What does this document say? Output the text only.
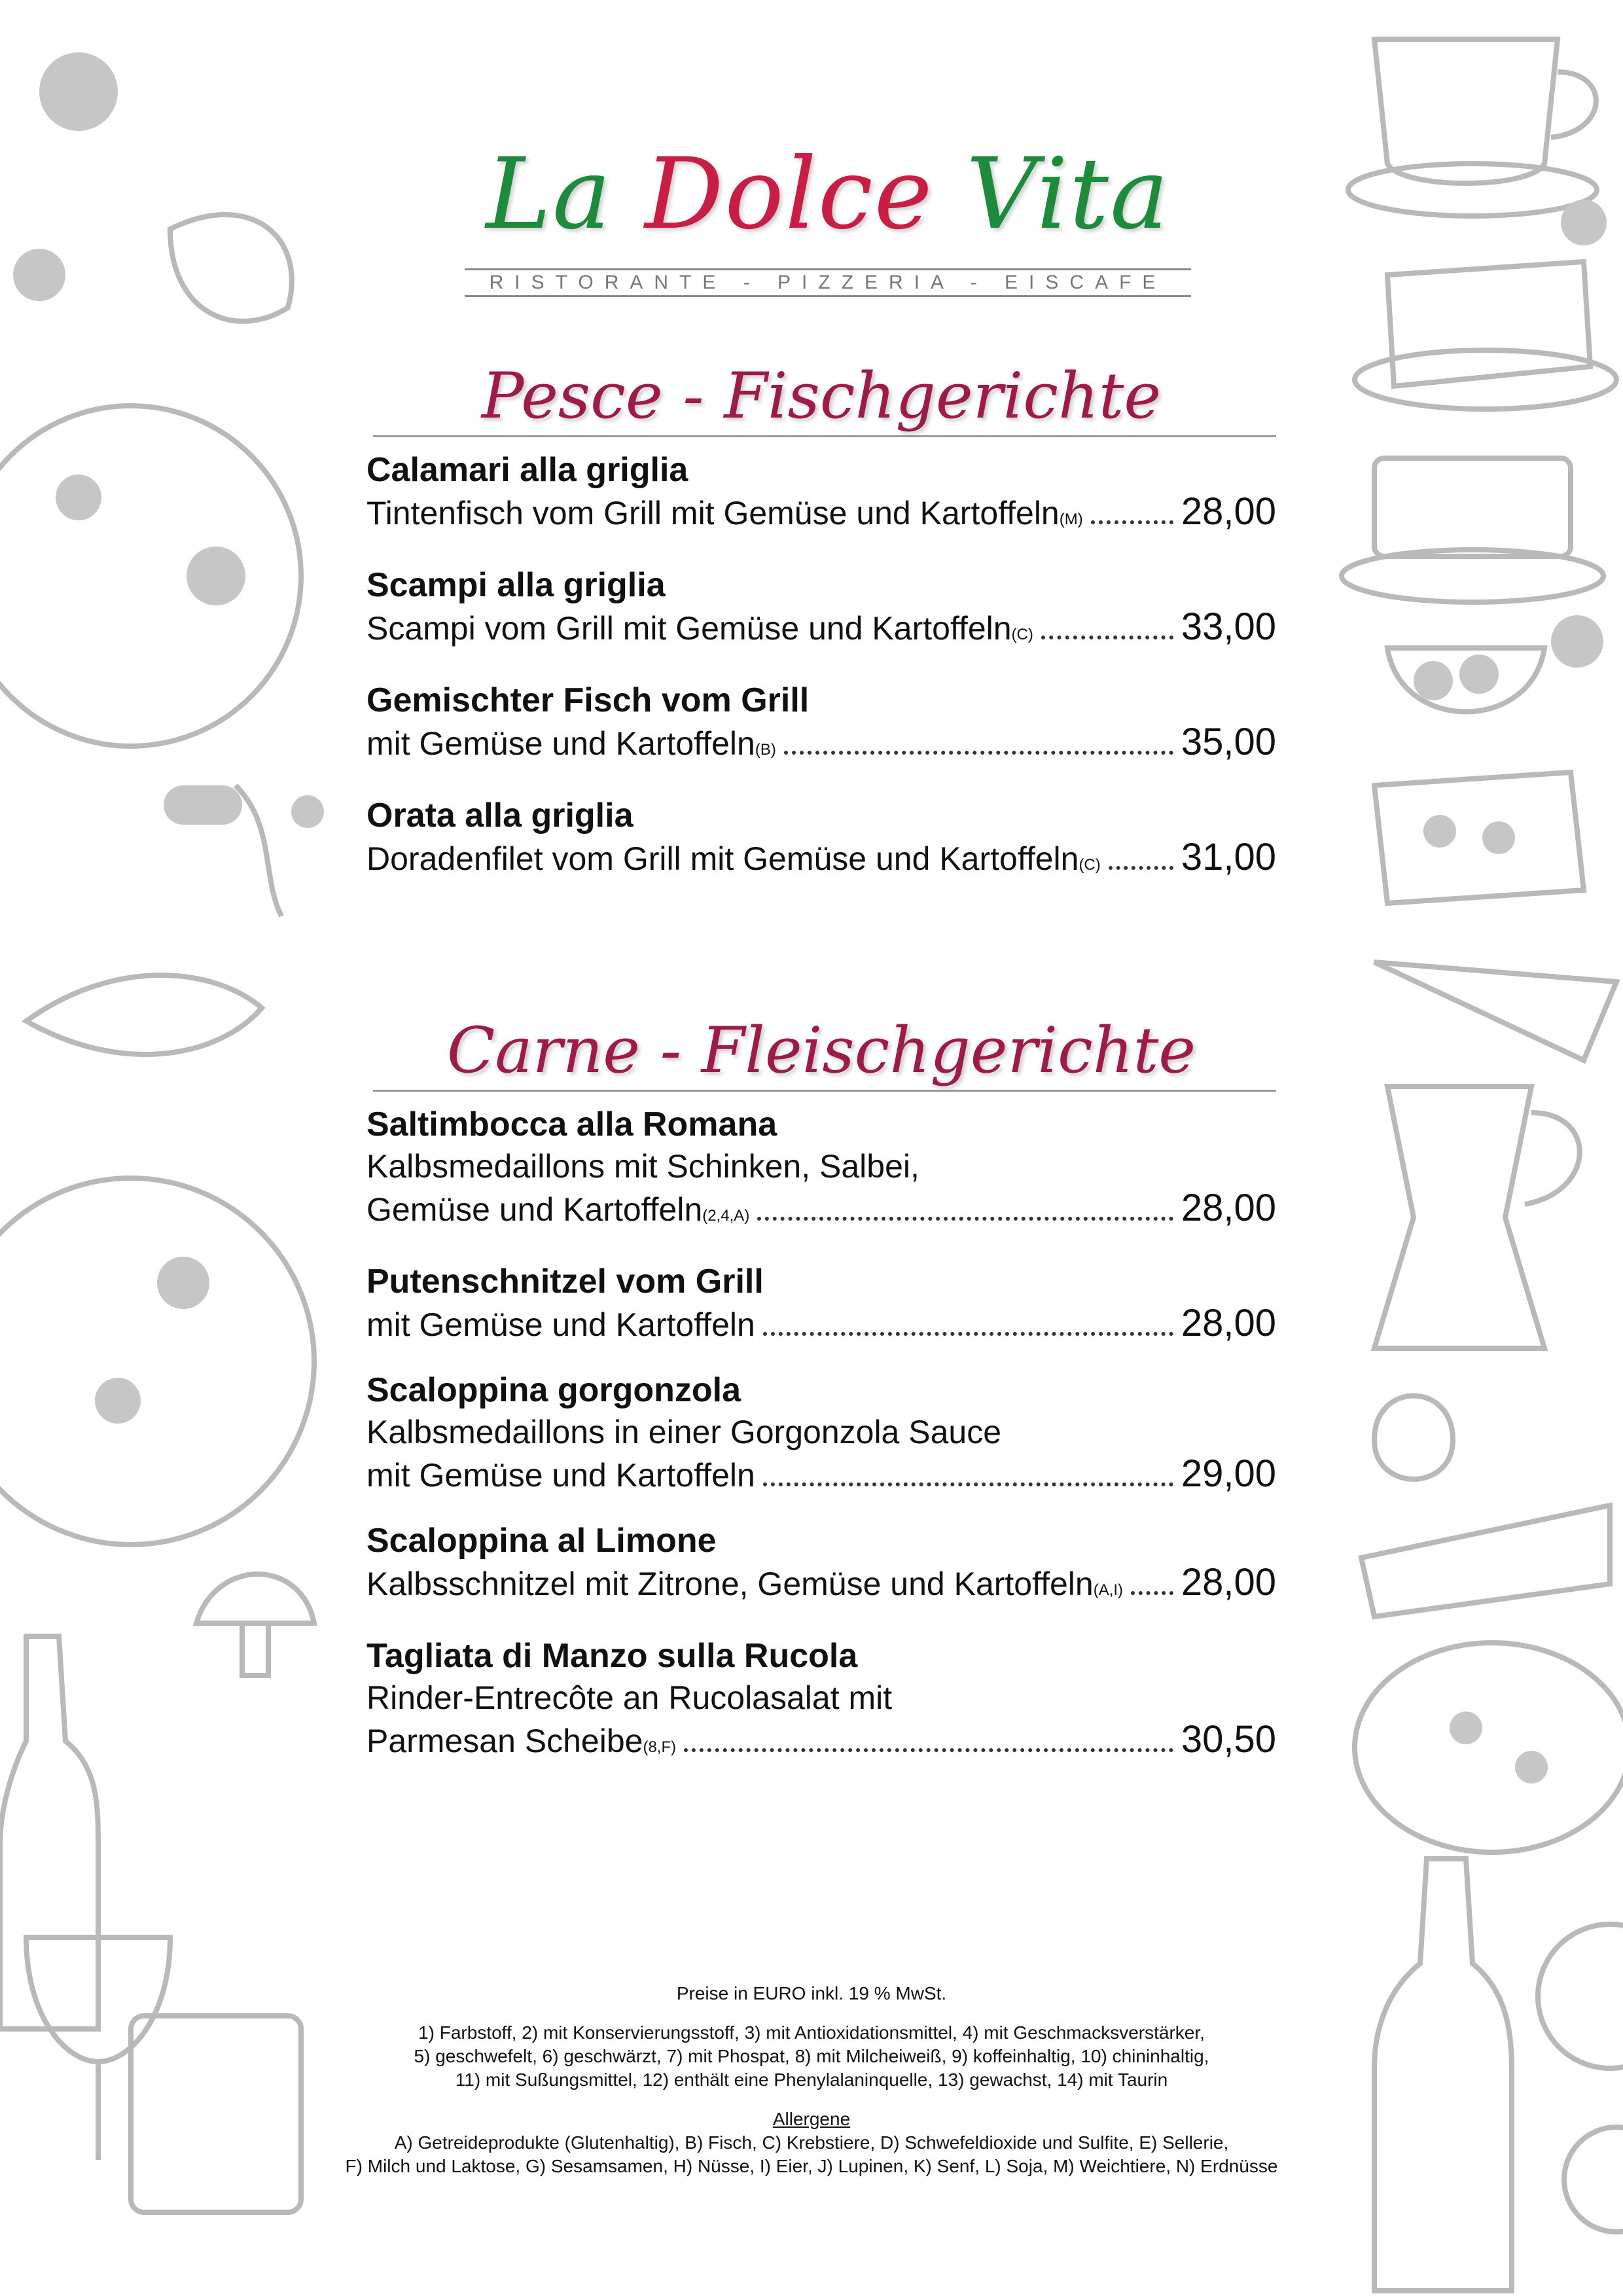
La Dolce Vita
RISTORANTE - PIZZERIA - EISCAFE
Pesce - Fischgerichte
Calamari alla griglia
Tintenfisch vom Grill mit Gemüse und Kartoffeln$_{(M)}$	28,00
Scampi alla griglia
Scampi vom Grill mit Gemüse und Kartoffeln$_{(C)}$	33,00
Gemischter Fisch vom Grill
mit Gemüse und Kartoffeln$_{(B)}$	35,00
Orata alla griglia
Doradenfilet vom Grill mit Gemüse und Kartoffeln$_{(C)}$ 31,00
Carne - Fleischgerichte
Saltimbocca alla Romana
Kalbsmedaillons mit Schinken, Salbei,
Gemüse und Kartoffeln$_{(2,4,A)}$	28,00
Putenschnitzel vom Grill
mit Gemüse und Kartoffeln	28,00
Scaloppina gorgonzola
Kalbsmedaillons in einer Gorgonzola Sauce
mit Gemüse und Kartoffeln	29,00
Scaloppina al Limone
Kalbsschnitzel mit Zitrone, Gemüse und Kartoffeln$_{(A,I)}$ 28,00
Tagliata di Manzo sulla Rucola
Rinder-Entrecôte an Rucolasalat mit
Parmesan Scheibe$_{(8,F)}$	30,50

Preise in EURO inkl. 19 % MwSt.

1) Farbstoff, 2) mit Konservierungsstoff, 3) mit Antioxidationsmittel, 4) mit Geschmacksverstärker,

5) geschwefelt, 6) geschwärzt, 7) mit Phospat, 8) mit Milcheiweiß, 9) koffeinhaltig, 10) chininhaltig,

11) mit Sußungsmittel, 12) enthält eine Phenylalaninquelle, 13) gewachst, 14) mit Taurin

Allergene

A) Getreideprodukte (Glutenhaltig), B) Fisch, C) Krebstiere, D) Schwefeldioxide und Sulfite, E) Sellerie,

F) Milch und Laktose, G) Sesamsamen, H) Nüsse, I) Eier, J) Lupinen, K) Senf, L) Soja, M) Weichtiere, N) Erdnüsse
